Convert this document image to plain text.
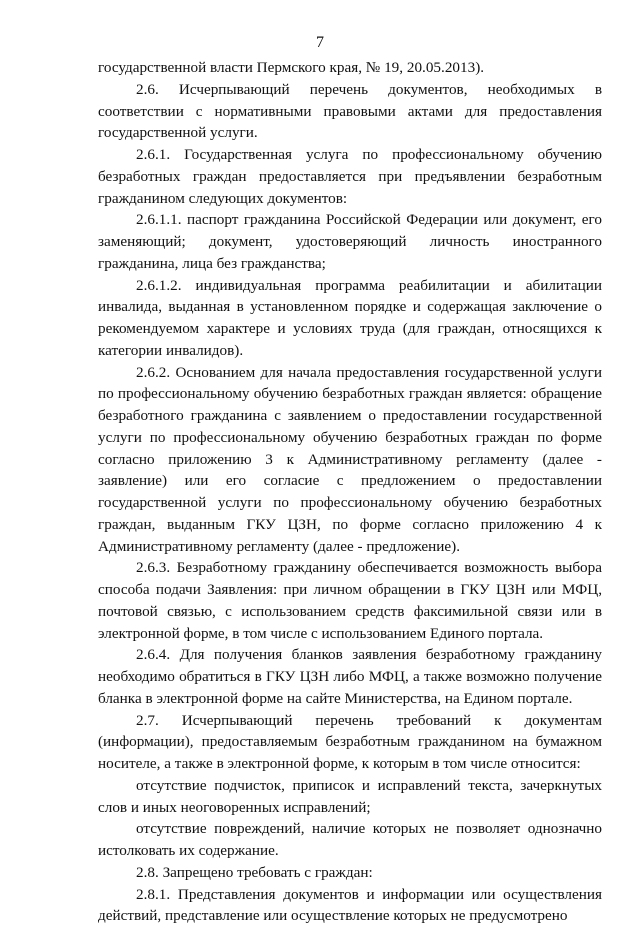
7

государственной власти Пермского края, № 19, 20.05.2013).

2.6. Исчерпывающий перечень документов, необходимых в соответствии с нормативными правовыми актами для предоставления государственной услуги.

2.6.1. Государственная услуга по профессиональному обучению безработных граждан предоставляется при предъявлении безработным гражданином следующих документов:

2.6.1.1. паспорт гражданина Российской Федерации или документ, его заменяющий; документ, удостоверяющий личность иностранного гражданина, лица без гражданства;

2.6.1.2. индивидуальная программа реабилитации и абилитации инвалида, выданная в установленном порядке и содержащая заключение о рекомендуемом характере и условиях труда (для граждан, относящихся к категории инвалидов).

2.6.2. Основанием для начала предоставления государственной услуги по профессиональному обучению безработных граждан является: обращение безработного гражданина с заявлением о предоставлении государственной услуги по профессиональному обучению безработных граждан по форме согласно приложению 3 к Административному регламенту (далее - заявление) или его согласие с предложением о предоставлении государственной услуги по профессиональному обучению безработных граждан, выданным ГКУ ЦЗН, по форме согласно приложению 4 к Административному регламенту (далее - предложение).

2.6.3. Безработному гражданину обеспечивается возможность выбора способа подачи Заявления: при личном обращении в ГКУ ЦЗН или МФЦ, почтовой связью, с использованием средств факсимильной связи или в электронной форме, в том числе с использованием Единого портала.

2.6.4. Для получения бланков заявления безработному гражданину необходимо обратиться в ГКУ ЦЗН либо МФЦ, а также возможно получение бланка в электронной форме на сайте Министерства, на Едином портале.

2.7. Исчерпывающий перечень требований к документам (информации), предоставляемым безработным гражданином на бумажном носителе, а также в электронной форме, к которым в том числе относится:

отсутствие подчисток, приписок и исправлений текста, зачеркнутых слов и иных неоговоренных исправлений;

отсутствие повреждений, наличие которых не позволяет однозначно истолковать их содержание.

2.8. Запрещено требовать с граждан:

2.8.1. Представления документов и информации или осуществления действий, представление или осуществление которых не предусмотрено
